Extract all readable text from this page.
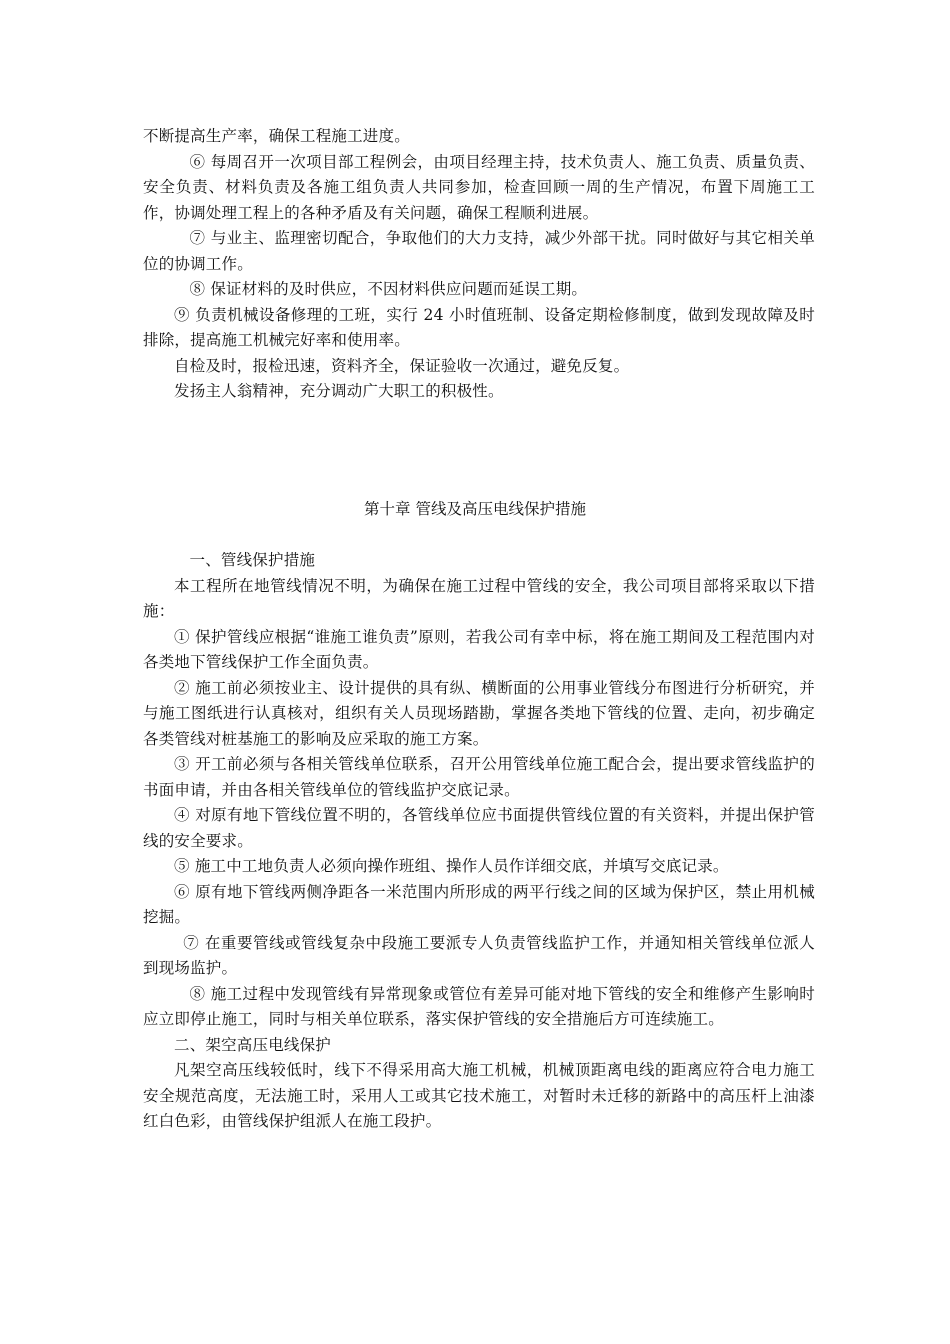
不断提高生产率，确保工程施工进度。

⑥ 每周召开一次项目部工程例会，由项目经理主持，技术负责人、施工负责、质量负责、安全负责、材料负责及各施工组负责人共同参加，检查回顾一周的生产情况，布置下周施工工作，协调处理工程上的各种矛盾及有关问题，确保工程顺利进展。

⑦ 与业主、监理密切配合，争取他们的大力支持，减少外部干扰。同时做好与其它相关单位的协调工作。

⑧ 保证材料的及时供应，不因材料供应问题而延误工期。

⑨ 负责机械设备修理的工班，实行 24 小时值班制、设备定期检修制度，做到发现故障及时排除，提高施工机械完好率和使用率。

自检及时，报检迅速，资料齐全，保证验收一次通过，避免反复。

发扬主人翁精神，充分调动广大职工的积极性。

第十章 管线及高压电线保护措施

一、管线保护措施

本工程所在地管线情况不明，为确保在施工过程中管线的安全，我公司项目部将采取以下措施：

① 保护管线应根据“谁施工谁负责”原则，若我公司有幸中标，将在施工期间及工程范围内对各类地下管线保护工作全面负责。

② 施工前必须按业主、设计提供的具有纵、横断面的公用事业管线分布图进行分析研究，并与施工图纸进行认真核对，组织有关人员现场踏勘，掌握各类地下管线的位置、走向，初步确定各类管线对桩基施工的影响及应采取的施工方案。

③ 开工前必须与各相关管线单位联系，召开公用管线单位施工配合会，提出要求管线监护的书面申请，并由各相关管线单位的管线监护交底记录。

④ 对原有地下管线位置不明的，各管线单位应书面提供管线位置的有关资料，并提出保护管线的安全要求。

⑤ 施工中工地负责人必须向操作班组、操作人员作详细交底，并填写交底记录。

⑥ 原有地下管线两侧净距各一米范围内所形成的两平行线之间的区域为保护区，禁止用机械挖掘。

⑦ 在重要管线或管线复杂中段施工要派专人负责管线监护工作，并通知相关管线单位派人到现场监护。

⑧ 施工过程中发现管线有异常现象或管位有差异可能对地下管线的安全和维修产生影响时应立即停止施工，同时与相关单位联系，落实保护管线的安全措施后方可连续施工。

二、架空高压电线保护

凡架空高压线较低时，线下不得采用高大施工机械，机械顶距离电线的距离应符合电力施工安全规范高度，无法施工时，采用人工或其它技术施工，对暂时未迁移的新路中的高压杆上油漆红白色彩，由管线保护组派人在施工段护。
